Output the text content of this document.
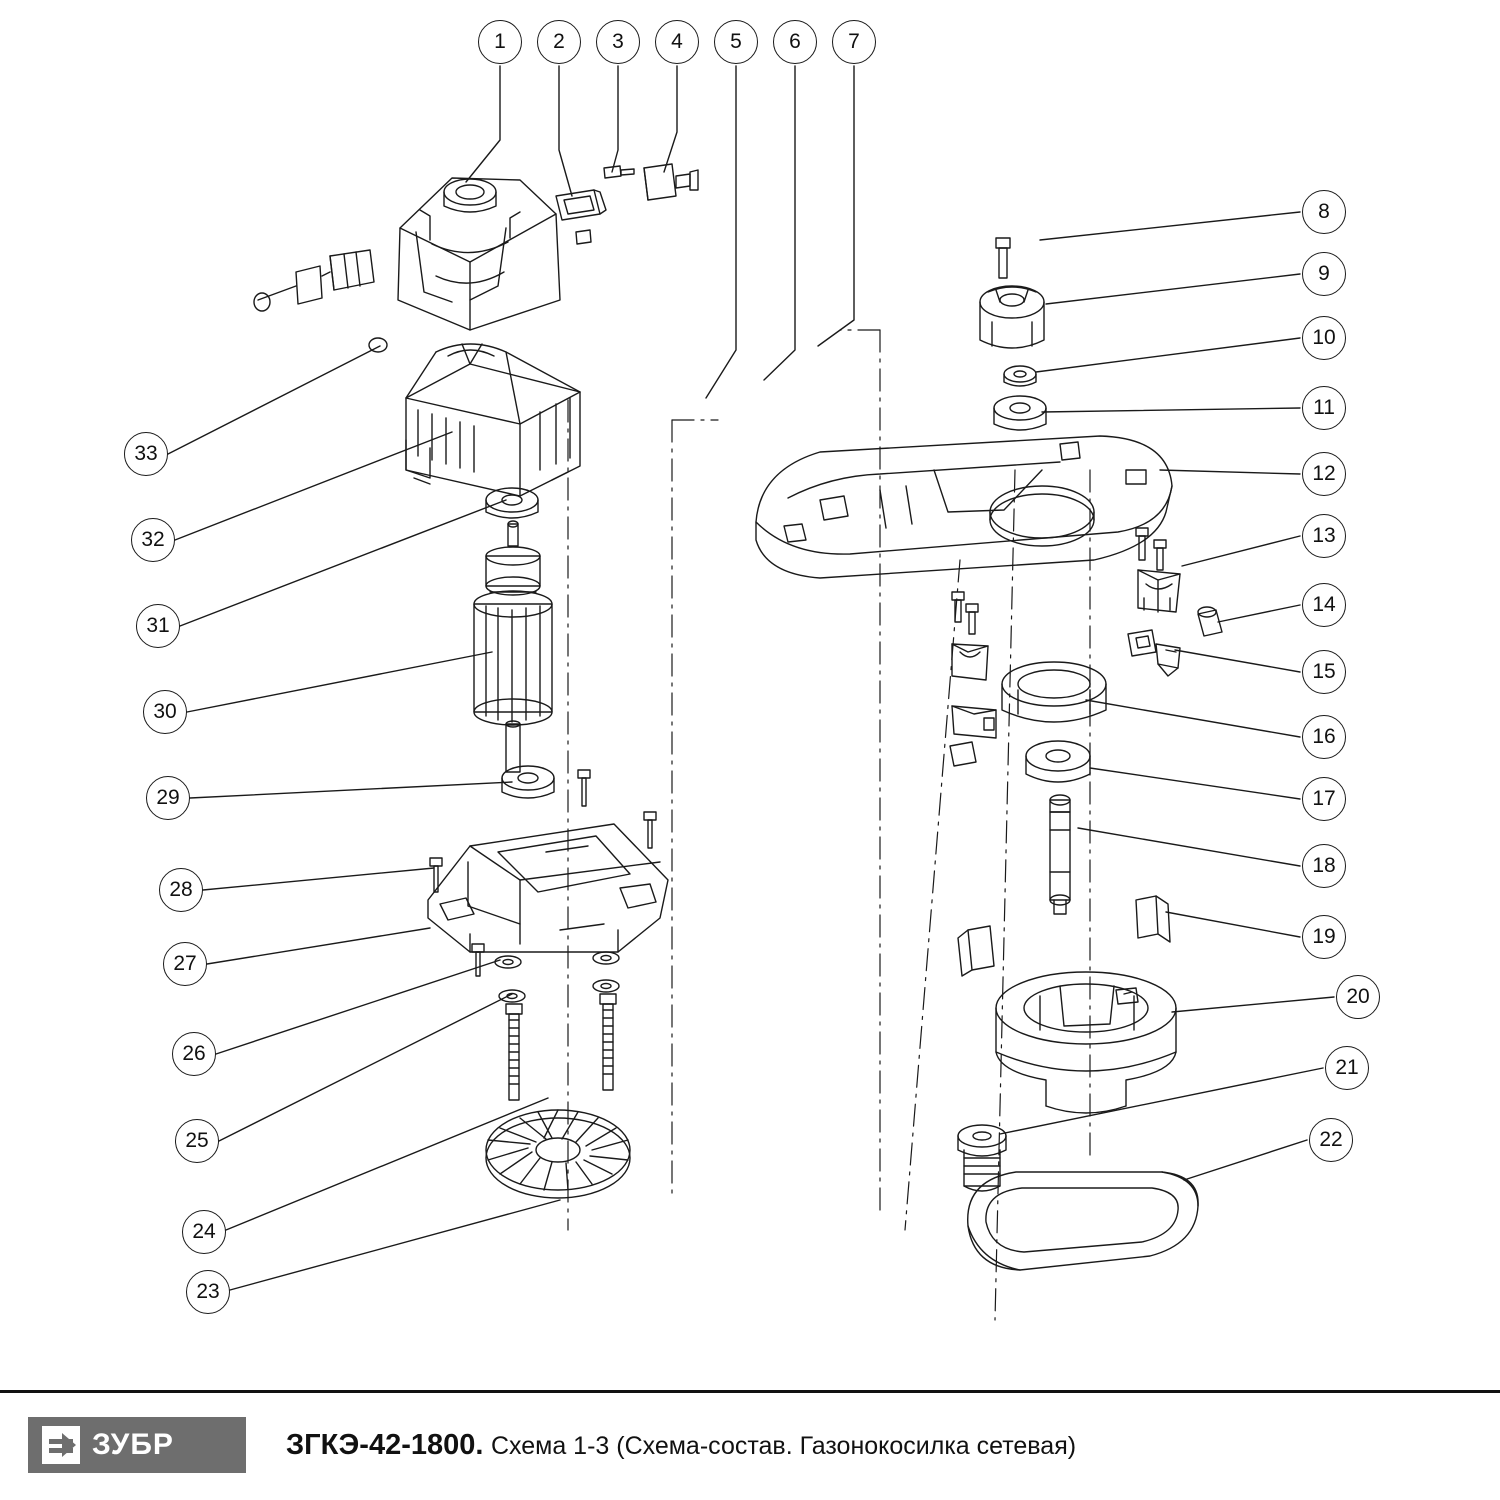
1	2	3	4	5	6	7
8
9
10
11
12
13
14
15
16
17
18
19
20
21
22
23
24
25
26
27
28
29
30
31
32
33
ЗУБР	ЗГКЭ-42-1800. Схема 1-3 (Схема-состав. Газонокосилка сетевая)
